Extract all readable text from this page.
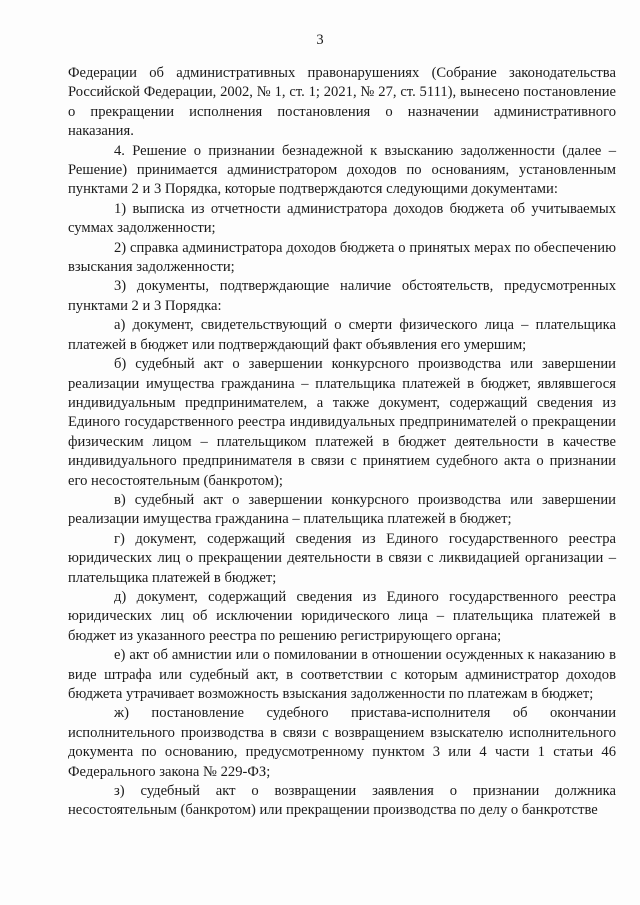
3

Федерации об административных правонарушениях (Собрание законодательства Российской Федерации, 2002, № 1, ст. 1; 2021, № 27, ст. 5111), вынесено постановление о прекращении исполнения постановления о назначении административного наказания.

4. Решение о признании безнадежной к взысканию задолженности (далее – Решение) принимается администратором доходов по основаниям, установленным пунктами 2 и 3 Порядка, которые подтверждаются следующими документами:

1) выписка из отчетности администратора доходов бюджета об учитываемых суммах задолженности;

2) справка администратора доходов бюджета о принятых мерах по обеспечению взыскания задолженности;

3) документы, подтверждающие наличие обстоятельств, предусмотренных пунктами 2 и 3 Порядка:

а) документ, свидетельствующий о смерти физического лица – плательщика платежей в бюджет или подтверждающий факт объявления его умершим;

б) судебный акт о завершении конкурсного производства или завершении реализации имущества гражданина – плательщика платежей в бюджет, являвшегося индивидуальным предпринимателем, а также документ, содержащий сведения из Единого государственного реестра индивидуальных предпринимателей о прекращении физическим лицом – плательщиком платежей в бюджет деятельности в качестве индивидуального предпринимателя в связи с принятием судебного акта о признании его несостоятельным (банкротом);

в) судебный акт о завершении конкурсного производства или завершении реализации имущества гражданина – плательщика платежей в бюджет;

г) документ, содержащий сведения из Единого государственного реестра юридических лиц о прекращении деятельности в связи с ликвидацией организации – плательщика платежей в бюджет;

д) документ, содержащий сведения из Единого государственного реестра юридических лиц об исключении юридического лица – плательщика платежей в бюджет из указанного реестра по решению регистрирующего органа;

е) акт об амнистии или о помиловании в отношении осужденных к наказанию в виде штрафа или судебный акт, в соответствии с которым администратор доходов бюджета утрачивает возможность взыскания задолженности по платежам в бюджет;

ж) постановление судебного пристава-исполнителя об окончании исполнительного производства в связи с возвращением взыскателю исполнительного документа по основанию, предусмотренному пунктом 3 или 4 части 1 статьи 46 Федерального закона № 229-ФЗ;

з) судебный акт о возвращении заявления о признании должника несостоятельным (банкротом) или прекращении производства по делу о банкротстве
